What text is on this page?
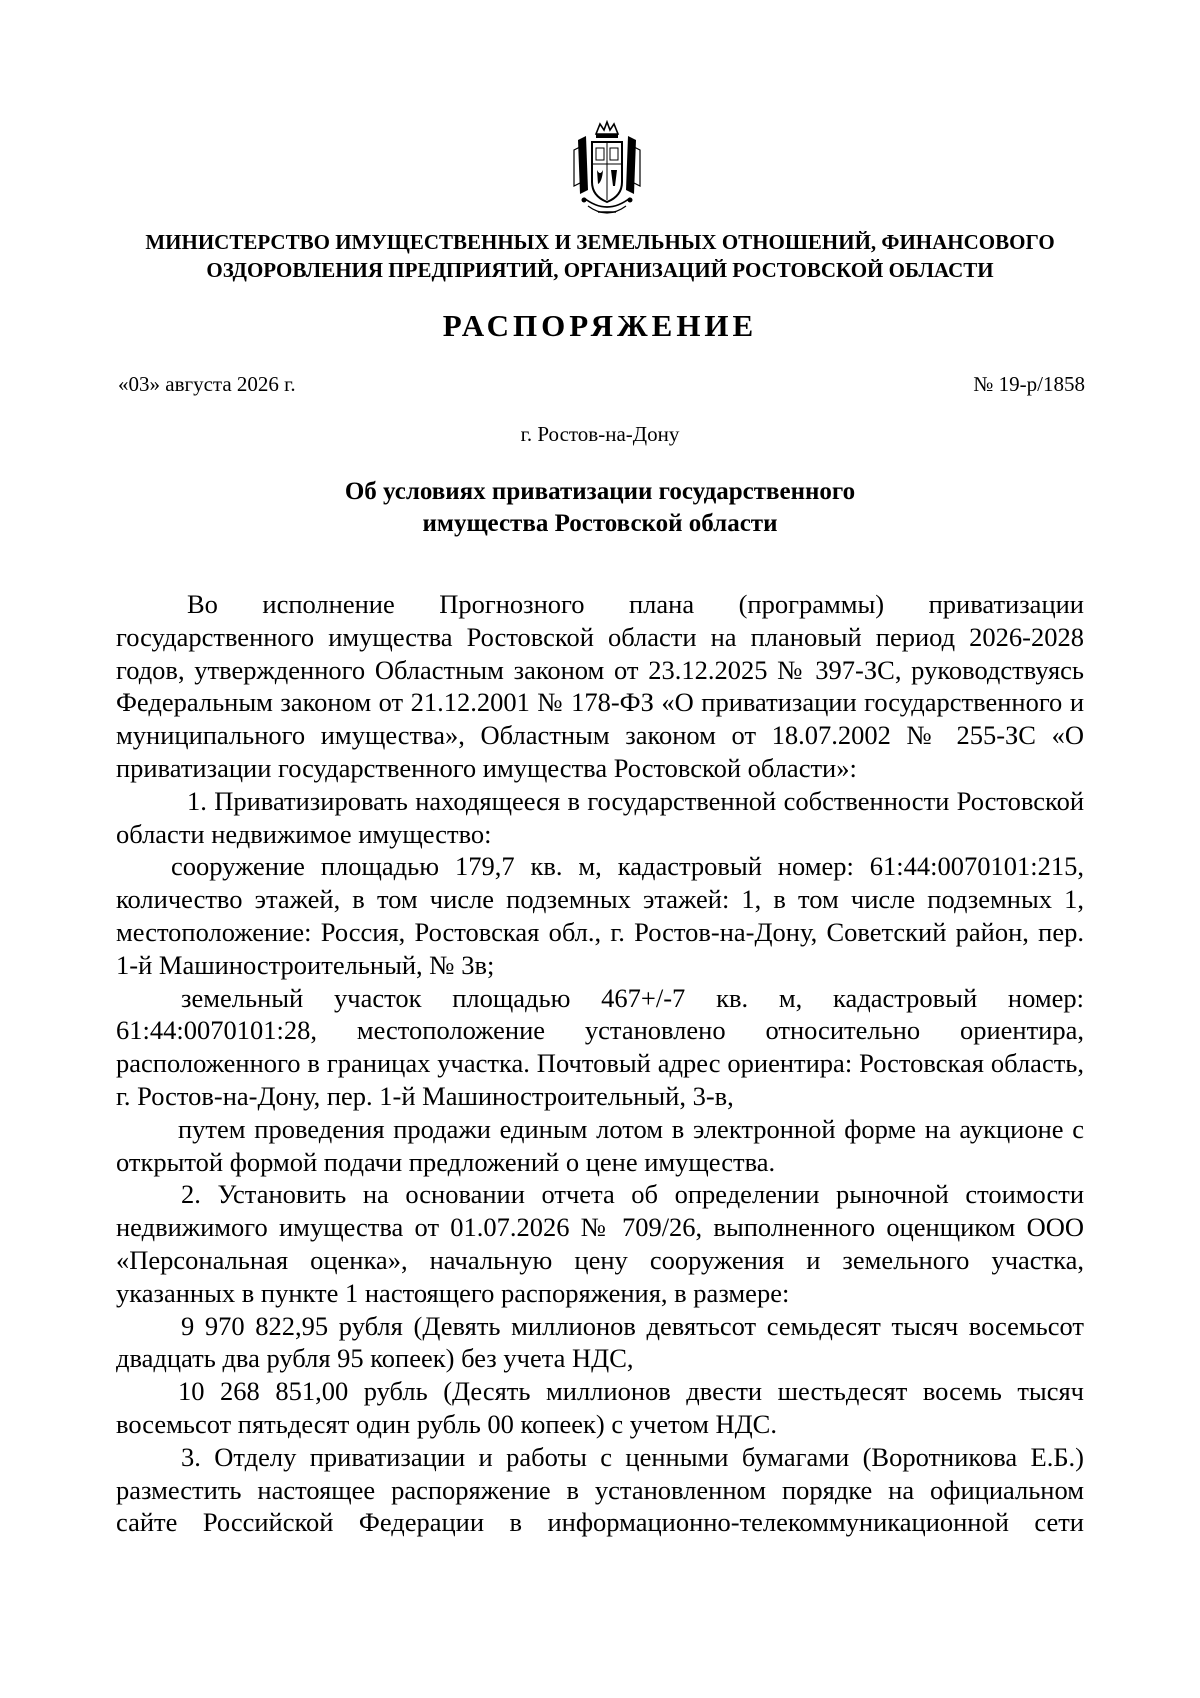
МИНИСТЕРСТВО ИМУЩЕСТВЕННЫХ И ЗЕМЕЛЬНЫХ ОТНОШЕНИЙ, ФИНАНСОВОГО
ОЗДОРОВЛЕНИЯ ПРЕДПРИЯТИЙ, ОРГАНИЗАЦИЙ РОСТОВСКОЙ ОБЛАСТИ
РАСПОРЯЖЕНИЕ
«03» августа 2026 г.	№ 19-р/1858
г. Ростов-на-Дону
Об условиях приватизации государственного
имущества Ростовской области

Во исполнение Прогнозного плана (программы) приватизации государственного имущества Ростовской области на плановый период 2026-2028 годов, утвержденного Областным законом от 23.12.2025 № 397-ЗС, руководствуясь Федеральным законом от 21.12.2001 № 178-ФЗ «О приватизации государственного и муниципального имущества», Областным законом от 18.07.2002 № 255-ЗС «О приватизации государственного имущества Ростовской области»:

1. Приватизировать находящееся в государственной собственности Ростовской области недвижимое имущество:

сооружение площадью 179,7 кв. м, кадастровый номер: 61:44:0070101:215, количество этажей, в том числе подземных этажей: 1, в том числе подземных 1, местоположение: Россия, Ростовская обл., г. Ростов-на-Дону, Советский район, пер. 1-й Машиностроительный, № 3в;

земельный участок площадью 467+/-7 кв. м, кадастровый номер: 61:44:0070101:28, местоположение установлено относительно ориентира, расположенного в границах участка. Почтовый адрес ориентира: Ростовская область, г. Ростов-на-Дону, пер. 1-й Машиностроительный, 3-в,

путем проведения продажи единым лотом в электронной форме на аукционе с открытой формой подачи предложений о цене имущества.

2. Установить на основании отчета об определении рыночной стоимости недвижимого имущества от 01.07.2026 № 709/26, выполненного оценщиком ООО «Персональная оценка», начальную цену сооружения и земельного участка, указанных в пункте 1 настоящего распоряжения, в размере:

9 970 822,95 рубля (Девять миллионов девятьсот семьдесят тысяч восемьсот двадцать два рубля 95 копеек) без учета НДС,

10 268 851,00 рубль (Десять миллионов двести шестьдесят восемь тысяч восемьсот пятьдесят один рубль 00 копеек) с учетом НДС.

3. Отделу приватизации и работы с ценными бумагами (Воротникова Е.Б.) разместить настоящее распоряжение в установленном порядке на официальном сайте Российской Федерации в информационно-телекоммуникационной сети
